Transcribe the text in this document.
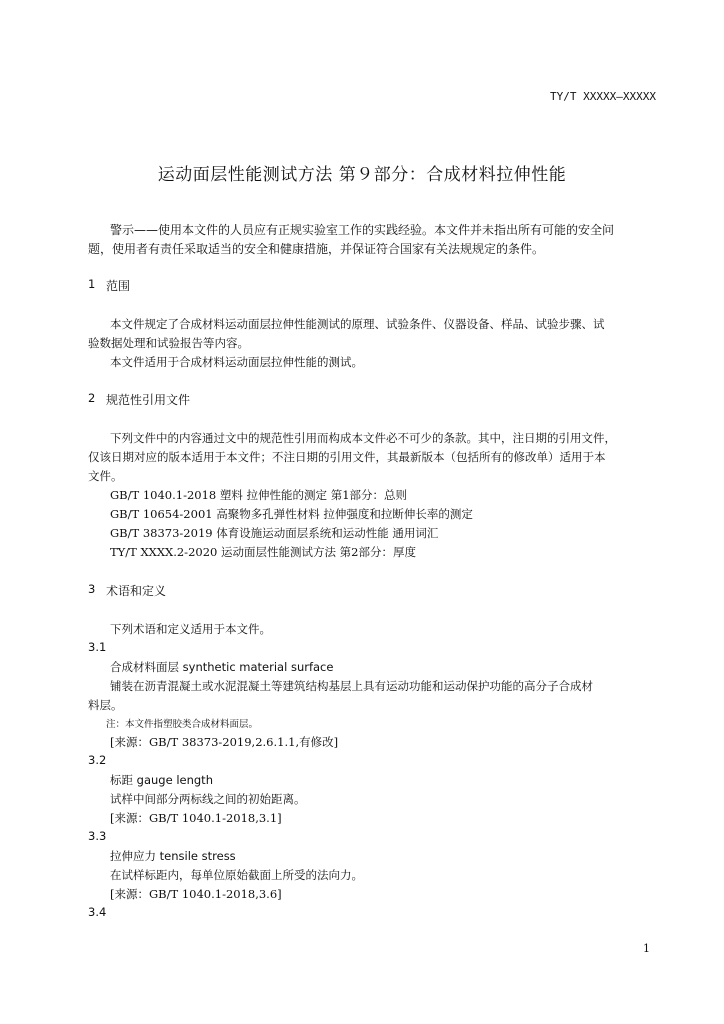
TY/T XXXXX—XXXXX
运动面层性能测试方法 第９部分：合成材料拉伸性能
警示——使用本文件的人员应有正规实验室工作的实践经验。本文件并未指出所有可能的安全问
题，使用者有责任采取适当的安全和健康措施，并保证符合国家有关法规规定的条件。
1 范围
本文件规定了合成材料运动面层拉伸性能测试的原理、试验条件、仪器设备、样品、试验步骤、试
验数据处理和试验报告等内容。
本文件适用于合成材料运动面层拉伸性能的测试。
2 规范性引用文件
下列文件中的内容通过文中的规范性引用而构成本文件必不可少的条款。其中，注日期的引用文件，
仅该日期对应的版本适用于本文件；不注日期的引用文件，其最新版本（包括所有的修改单）适用于本
文件。
GB/T 1040.1-2018 塑料 拉伸性能的测定 第1部分：总则
GB/T 10654-2001 高聚物多孔弹性材料 拉伸强度和拉断伸长率的测定
GB/T 38373-2019 体育设施运动面层系统和运动性能 通用词汇
TY/T XXXX.2-2020 运动面层性能测试方法 第2部分：厚度
3 术语和定义
下列术语和定义适用于本文件。
3.1
合成材料面层 synthetic material surface
铺装在沥青混凝土或水泥混凝土等建筑结构基层上具有运动功能和运动保护功能的高分子合成材
料层。
注：本文件指塑胶类合成材料面层。
[来源：GB/T 38373-2019,2.6.1.1,有修改]
3.2
标距 gauge length
试样中间部分两标线之间的初始距离。
[来源：GB/T 1040.1-2018,3.1]
3.3
拉伸应力 tensile stress
在试样标距内，每单位原始截面上所受的法向力。
[来源：GB/T 1040.1-2018,3.6]
3.4
1
